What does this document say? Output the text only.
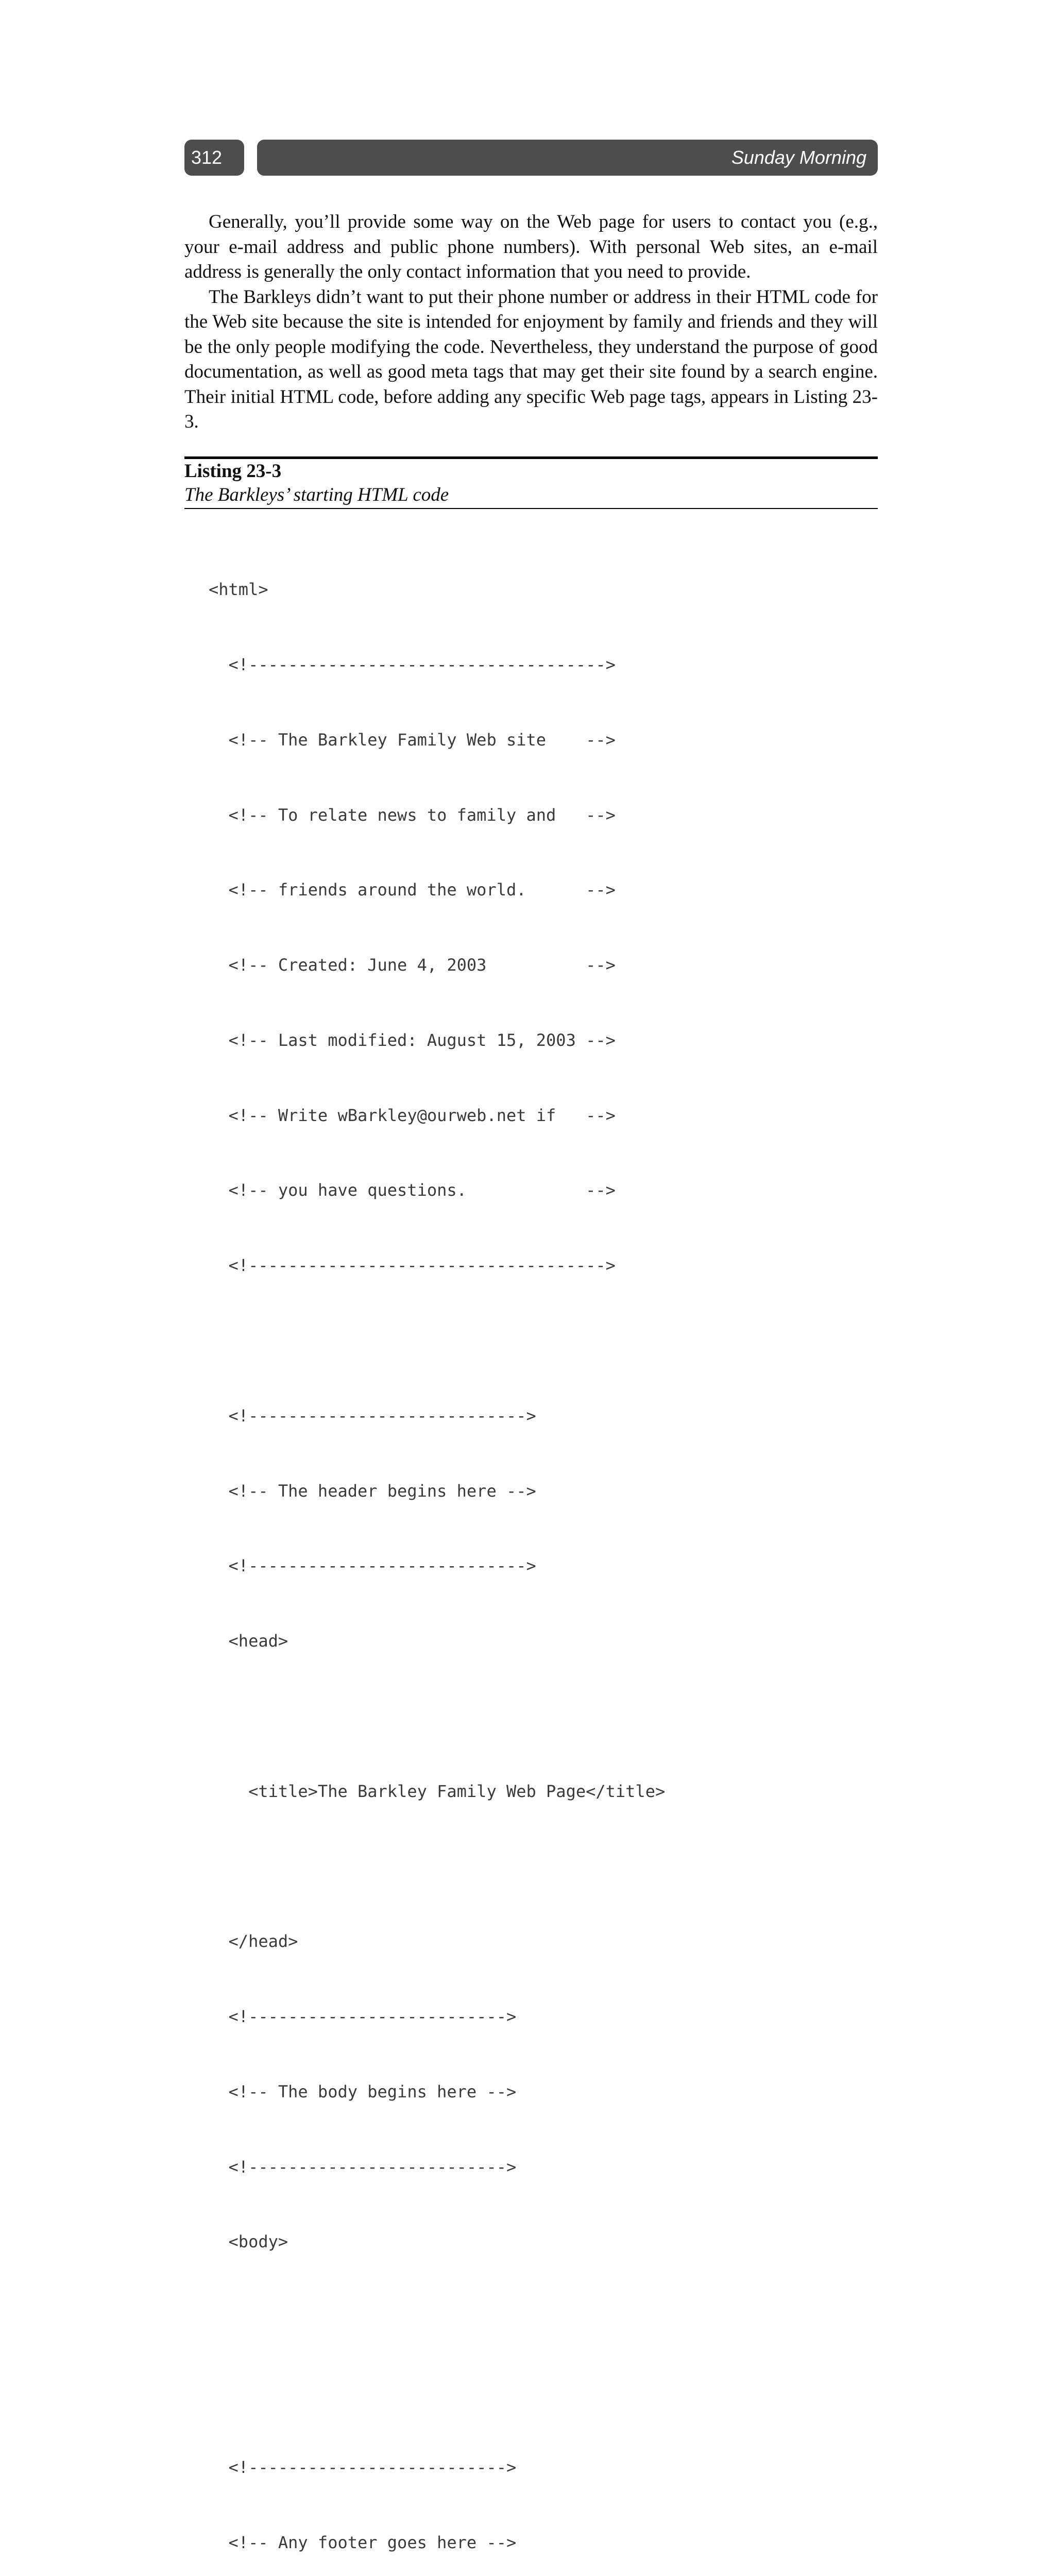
312	Sunday Morning

Generally, you’ll provide some way on the Web page for users to contact you (e.g., your e-mail address and public phone numbers). With personal Web sites, an e-mail address is generally the only contact information that you need to provide.

The Barkleys didn’t want to put their phone number or address in their HTML code for the Web site because the site is intended for enjoyment by family and friends and they will be the only people modifying the code. Nevertheless, they understand the purpose of good documentation, as well as good meta tags that may get their site found by a search engine. Their initial HTML code, before adding any specific Web page tags, appears in Listing 23-3.

Listing 23-3
The Barkleys’ starting HTML code

<html>

<!------------------------------------>

<!-- The Barkley Family Web site    -->

<!-- To relate news to family and   -->

<!-- friends around the world.      -->

<!-- Created: June 4, 2003          -->

<!-- Last modified: August 15, 2003 -->

<!-- Write wBarkley@ourweb.net if   -->

<!-- you have questions.            -->

<!------------------------------------>

<!---------------------------->

<!-- The header begins here -->

<!---------------------------->

<head>

<title>The Barkley Family Web Page</title>

</head>

<!-------------------------->

<!-- The body begins here -->

<!-------------------------->

<body>

<!-------------------------->

<!-- Any footer goes here -->
